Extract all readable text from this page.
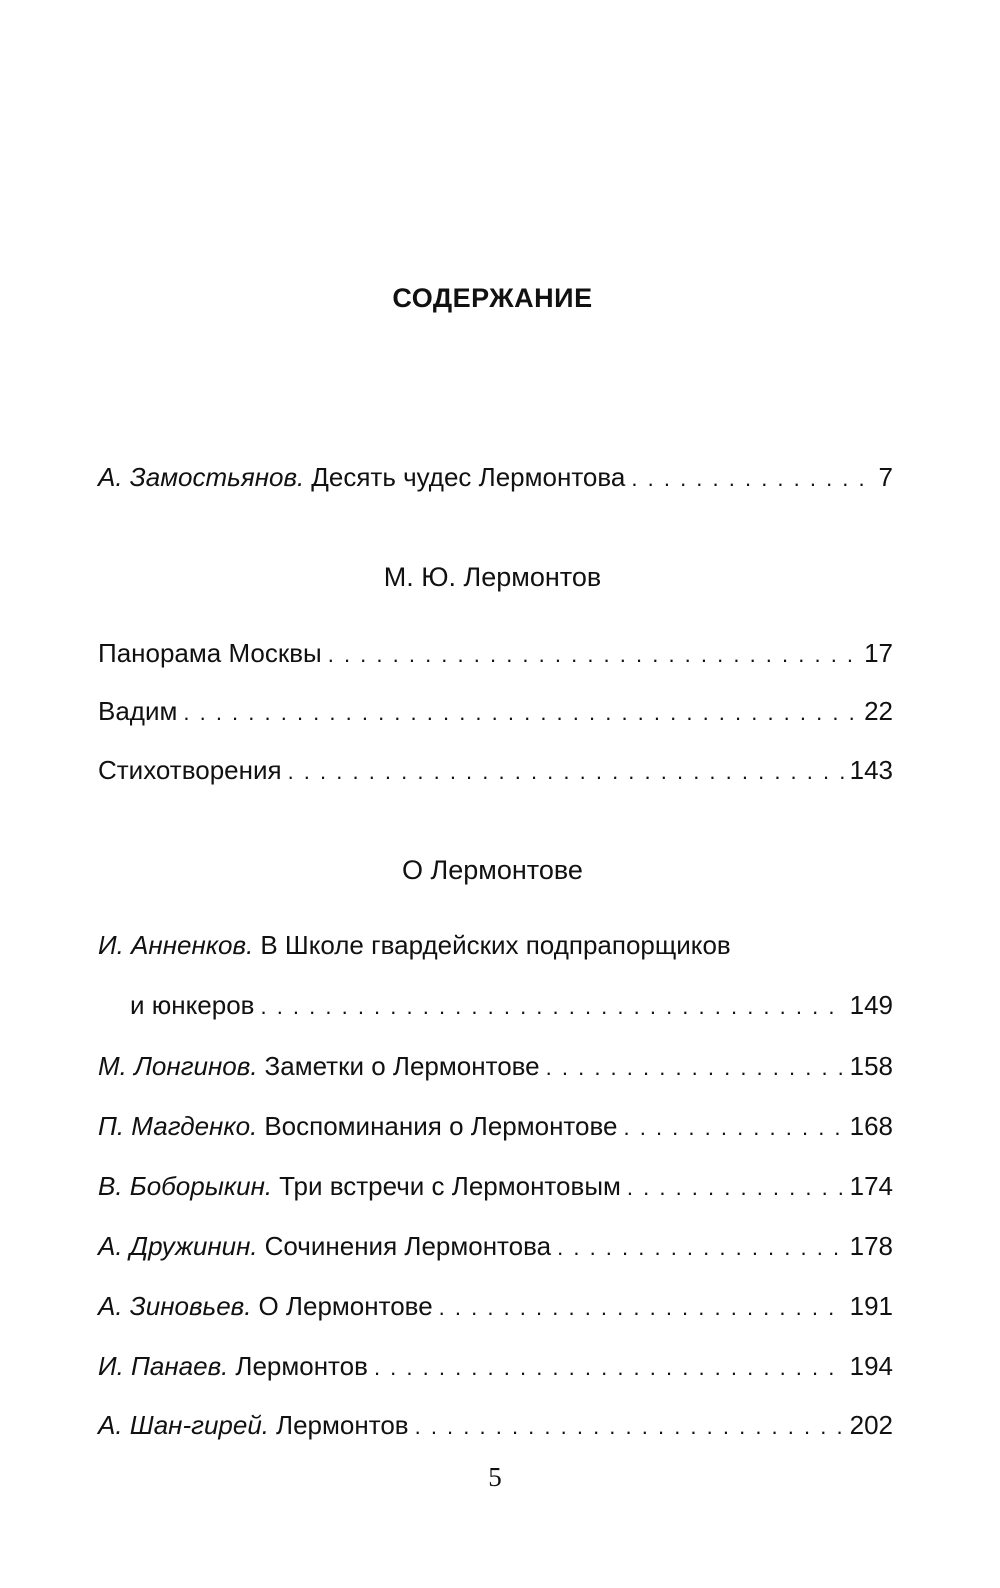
СОДЕРЖАНИЕ
А. Замостьянов. Десять чудес Лермонтова . . .	7
М. Ю. Лермонтов
Панорама Москвы . . .	17
Вадим . . .	22
Стихотворения . . .	143
О Лермонтове
И. Анненков. В Школе гвардейских подпрапорщиков
и юнкеров . . .	149
М. Лонгинов. Заметки о Лермонтове . . .	158
П. Магденко. Воспоминания о Лермонтове . . .	168
В. Боборыкин. Три встречи с Лермонтовым . . .	174
А. Дружинин. Сочинения Лермонтова . . .	178
А. Зиновьев. О Лермонтове . . .	191
И. Панаев. Лермонтов . . .	194
А. Шан-гирей. Лермонтов . . .	202
5
